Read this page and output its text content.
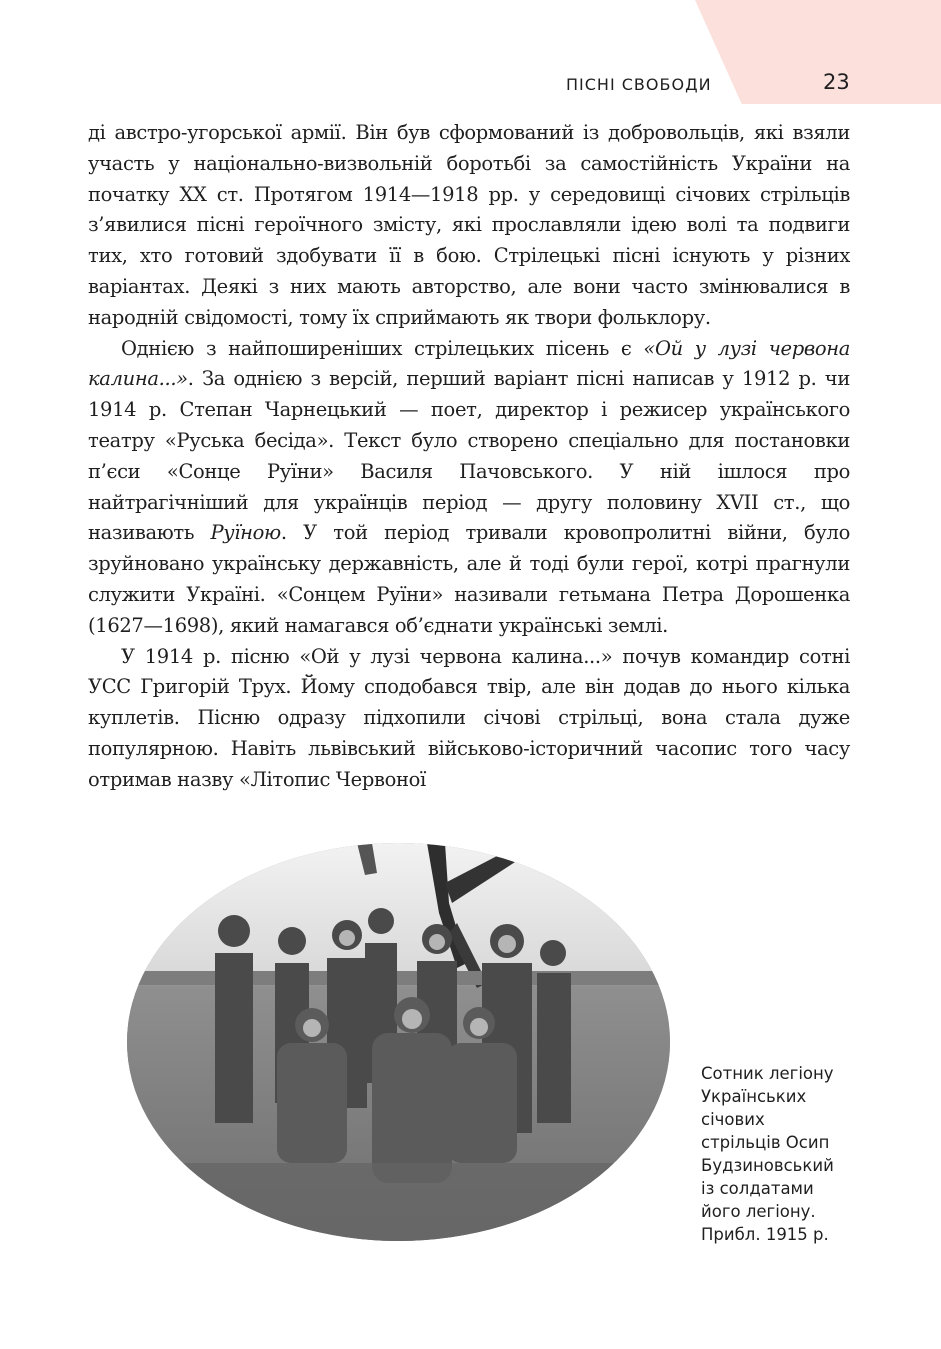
ПІСНІ СВОБОДИ	23

ді австро-угорської армії. Він був сформований із добровольців, які взяли участь у національно-визвольній боротьбі за самостійність України на початку ХХ ст. Протягом 1914—1918 рр. у середовищі січових стрільців з’явилися пісні героїчного змісту, які прославляли ідею волі та подвиги тих, хто готовий здобувати її в бою. Стрілецькі пісні існують у різних варіантах. Деякі з них мають авторство, але вони часто змінювалися в народній свідомості, тому їх сприймають як твори фольклору.

Однією з найпоширеніших стрілецьких пісень є «Ой у лузі червона калина...». За однією з версій, перший варіант пісні написав у 1912 р. чи 1914 р. Степан Чарнецький — поет, директор і режисер українського театру «Руська бесіда». Текст було створено спеціально для постановки п’єси «Сонце Руїни» Василя Пачовського. У ній ішлося про найтрагічніший для українців період — другу половину XVII ст., що називають Руїною. У той період тривали кровопролитні війни, було зруйновано українську державність, але й тоді були герої, котрі прагнули служити Україні. «Сонцем Руїни» називали гетьмана Петра Дорошенка (1627—1698), який намагався об’єднати українські землі.

У 1914 р. пісню «Ой у лузі червона калина...» почув командир сотні УСС Григорій Трух. Йому сподобався твір, але він додав до нього кілька куплетів. Пісню одразу підхопили січові стрільці, вона стала дуже популярною. Навіть львівський військово-історичний часопис того часу отримав назву «Літопис Червоної

Сотник легіону
Українських
січових
стрільців Осип
Будзиновський
із солдатами
його легіону.
Прибл. 1915 р.
